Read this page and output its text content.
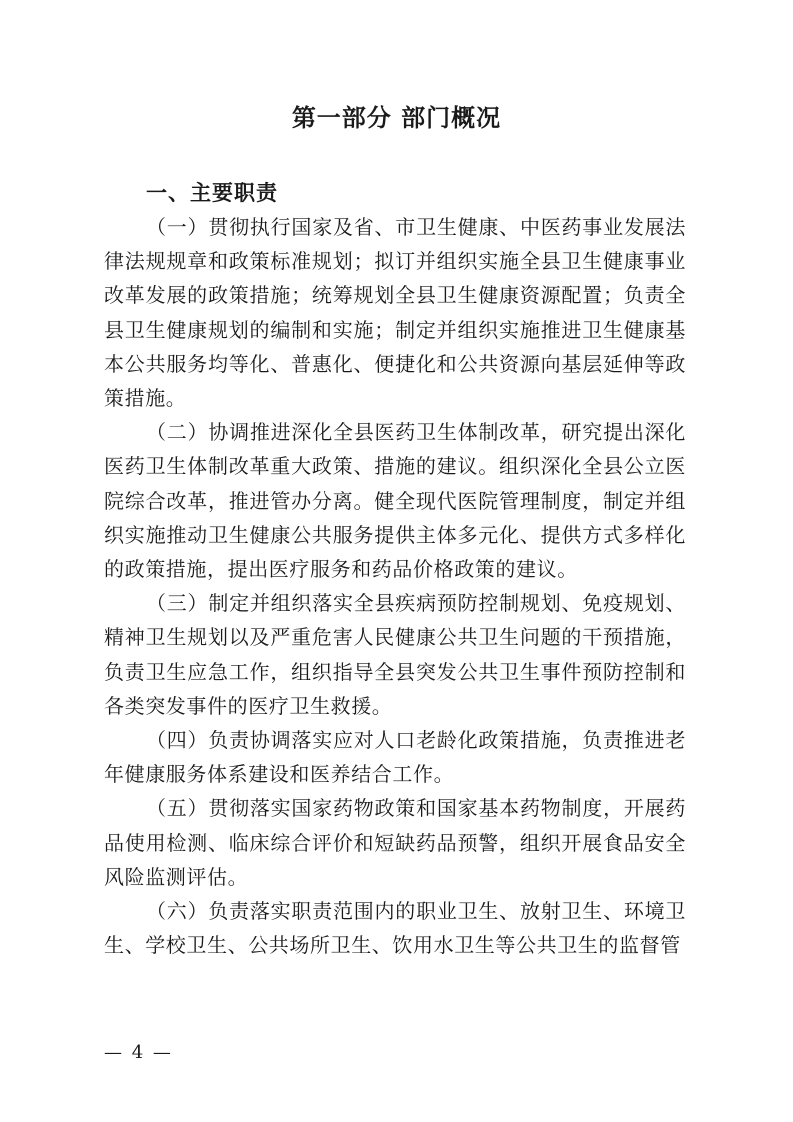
第一部分 部门概况
一、主要职责

（一）贯彻执行国家及省、市卫生健康、中医药事业发展法律法规规章和政策标准规划；拟订并组织实施全县卫生健康事业改革发展的政策措施；统筹规划全县卫生健康资源配置；负责全县卫生健康规划的编制和实施；制定并组织实施推进卫生健康基本公共服务均等化、普惠化、便捷化和公共资源向基层延伸等政策措施。

（二）协调推进深化全县医药卫生体制改革，研究提出深化医药卫生体制改革重大政策、措施的建议。组织深化全县公立医院综合改革，推进管办分离。健全现代医院管理制度，制定并组织实施推动卫生健康公共服务提供主体多元化、提供方式多样化的政策措施，提出医疗服务和药品价格政策的建议。

（三）制定并组织落实全县疾病预防控制规划、免疫规划、精神卫生规划以及严重危害人民健康公共卫生问题的干预措施，负责卫生应急工作，组织指导全县突发公共卫生事件预防控制和各类突发事件的医疗卫生救援。

（四）负责协调落实应对人口老龄化政策措施，负责推进老年健康服务体系建设和医养结合工作。

（五）贯彻落实国家药物政策和国家基本药物制度，开展药品使用检测、临床综合评价和短缺药品预警，组织开展食品安全风险监测评估。

（六）负责落实职责范围内的职业卫生、放射卫生、环境卫生、学校卫生、公共场所卫生、饮用水卫生等公共卫生的监督管

— 4 —
